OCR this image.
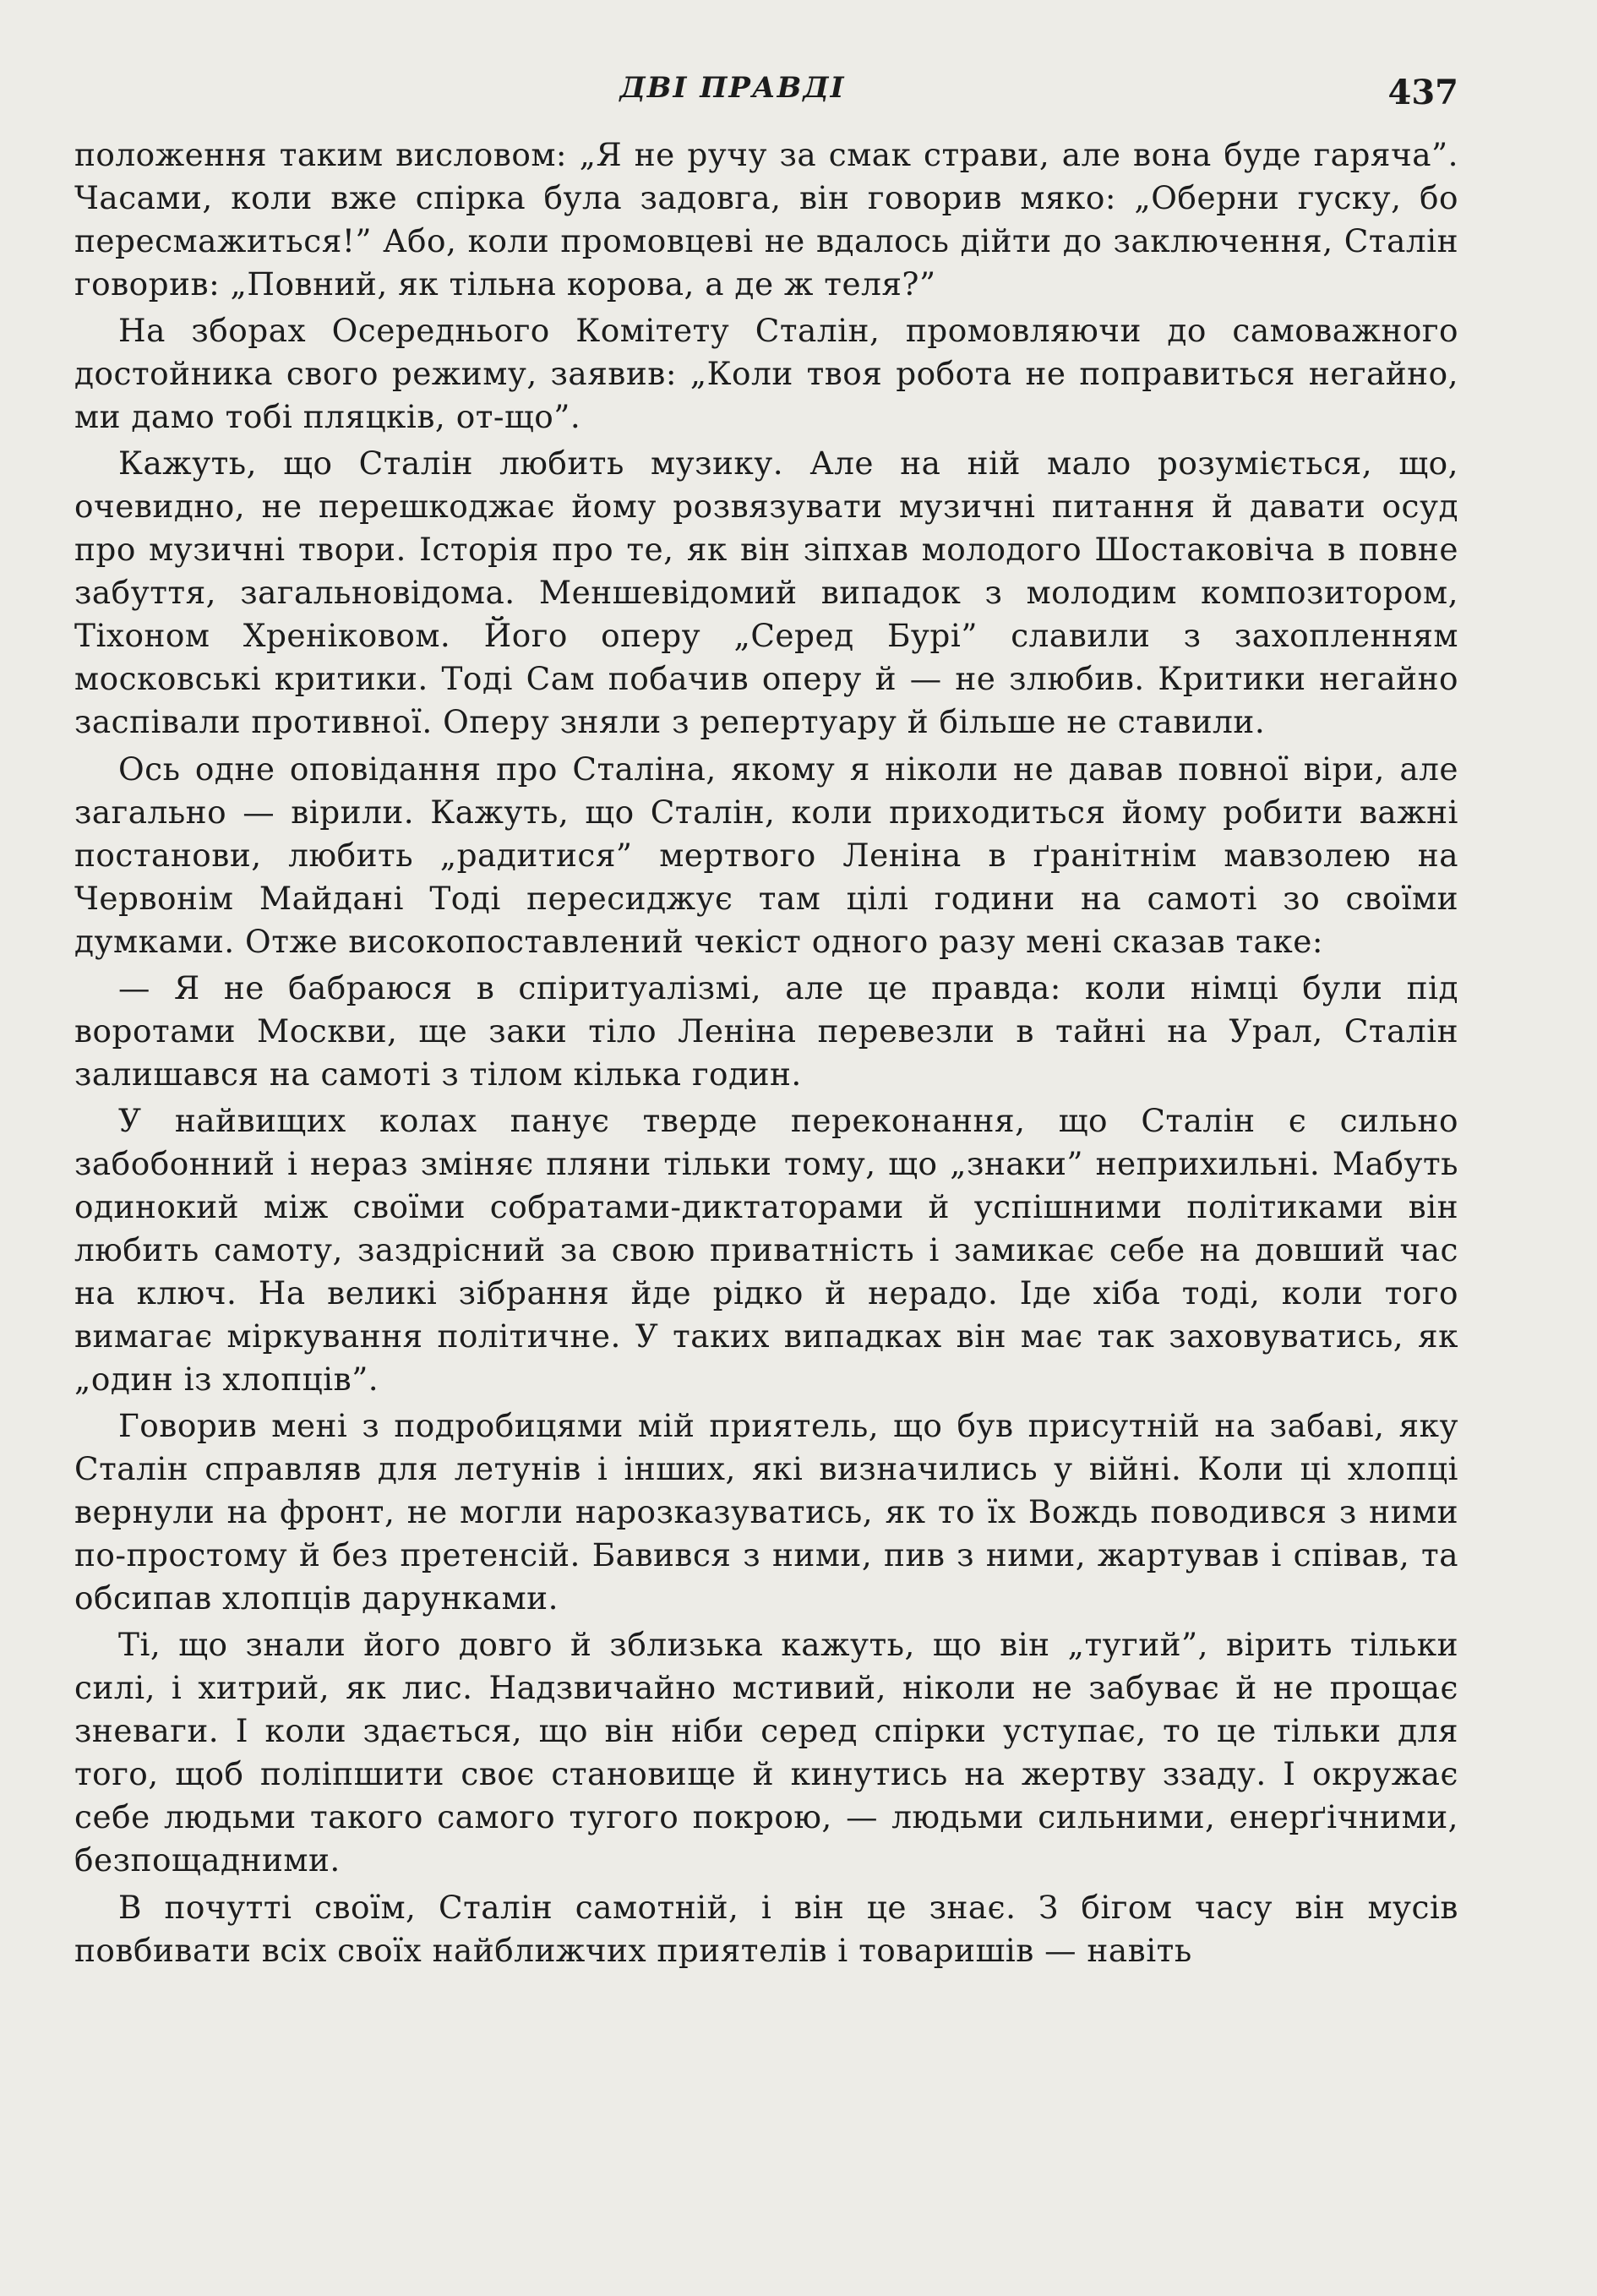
ДВІ ПРАВДІ	437

положення таким висловом: „Я не ручу за смак страви, але вона буде гаряча”. Часами, коли вже спірка була задовга, він говорив мяко: „Оберни гуску, бо пересмажиться!” Або, коли промовцеві не вдалось дійти до заключення, Сталін говорив: „Повний, як тільна корова, а де ж теля?”

На зборах Осереднього Комітету Сталін, промовляючи до самоважного достойника свого режиму, заявив: „Коли твоя робота не поправиться негайно, ми дамо тобі пляцків, от-що”.

Кажуть, що Сталін любить музику. Але на ній мало розуміється, що, очевидно, не перешкоджає йому розвязувати музичні питання й давати осуд про музичні твори. Історія про те, як він зіпхав молодого Шостаковіча в повне забуття, загальновідома. Меншевідомий випадок з молодим композитором, Тіхоном Хреніковом. Його оперу „Серед Бурі” славили з захопленням московські критики. Тоді Сам побачив оперу й — не злюбив. Критики негайно заспівали противної. Оперу зняли з репертуару й більше не ставили.

Ось одне оповідання про Сталіна, якому я ніколи не давав повної віри, але загально — вірили. Кажуть, що Сталін, коли приходиться йому робити важні постанови, любить „радитися” мертвого Леніна в ґранітнім мавзолею на Червонім Майдані Тоді пересиджує там цілі години на самоті зо своїми думками. Отже високопоставлений чекіст одного разу мені сказав таке:

— Я не бабраюся в спіритуалізмі, але це правда: коли німці були під воротами Москви, ще заки тіло Леніна перевезли в тайні на Урал, Сталін залишався на самоті з тілом кілька годин.

У найвищих колах панує тверде переконання, що Сталін є сильно забобонний і нераз зміняє пляни тільки тому, що „знаки” неприхильні. Мабуть одинокий між своїми собратами-диктаторами й успішними політиками він любить самоту, заздрісний за свою приватність і замикає себе на довший час на ключ. На великі зібрання йде рідко й нерадо. Іде хіба тоді, коли того вимагає міркування політичне. У таких випадках він має так заховуватись, як „один із хлопців”.

Говорив мені з подробицями мій приятель, що був присутній на забаві, яку Сталін справляв для летунів і інших, які визначились у війні. Коли ці хлопці вернули на фронт, не могли нарозказуватись, як то їх Вождь поводився з ними по-простому й без претенсій. Бавився з ними, пив з ними, жартував і співав, та обсипав хлопців дарунками.

Ті, що знали його довго й зблизька кажуть, що він „тугий”, вірить тільки силі, і хитрий, як лис. Надзвичайно мстивий, ніколи не забуває й не прощає зневаги. І коли здається, що він ніби серед спірки уступає, то це тільки для того, щоб поліпшити своє становище й кинутись на жертву ззаду. І окружає себе людьми такого самого тугого покрою, — людьми сильними, енерґічними, безпощадними.

В почутті своїм, Сталін самотній, і він це знає. З бігом часу він мусів повбивати всіх своїх найближчих приятелів і товаришів — навіть
